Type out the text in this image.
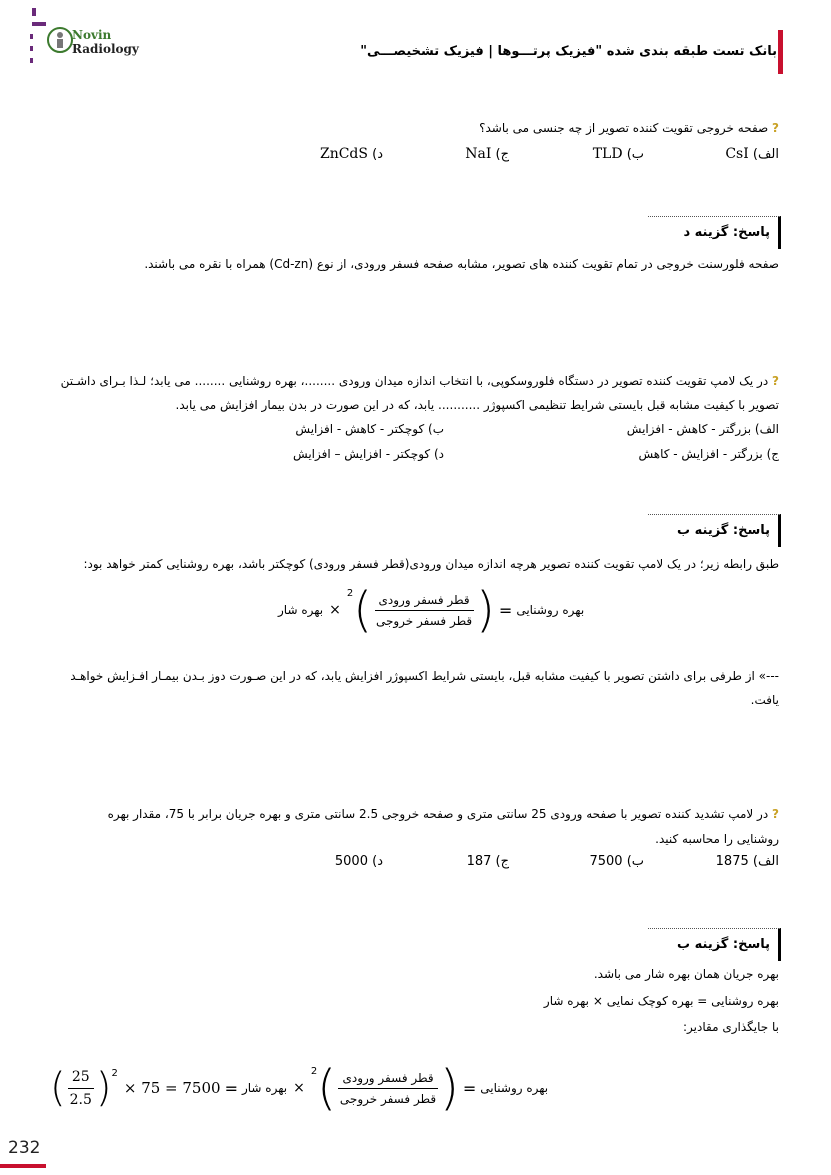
Novin
Radiology	بانک تست طبقه بندی شده "فیزیک پرتـــوها | فیزیک تشخیصـــی"
? صفحه خروجی تقویت کننده تصویر از چه جنسی می باشد؟
الف) CsI
ب) TLD
ج) NaI
د) ZnCdS
پاسخ: گزینه د
صفحه فلورسنت خروجی در تمام تقویت کننده های تصویر، مشابه صفحه فسفر ورودی، از نوع (Cd-zn) همراه با نقره می باشند.
? در یک لامپ تقویت کننده تصویر در دستگاه فلوروسکوپی، با انتخاب اندازه میدان ورودی ........، بهره روشنایی ........ می یابد؛ لـذا بـرای داشـتن
تصویر با کیفیت مشابه قبل بایستی شرایط تنظیمی اکسپوژر ........... یابد، که در این صورت در بدن بیمار افزایش می یابد.
الف) بزرگتر - کاهش - افزایش
ب) کوچکتر - کاهش - افزایش
ج) بزرگتر - افزایش - کاهش
د) کوچکتر - افزایش – افزایش
پاسخ: گزینه ب
طبق رابطه زیر؛ در یک لامپ تقویت کننده تصویر هرچه اندازه میدان ورودی(قطر فسفر ورودی) کوچکتر باشد، بهره روشنایی کمتر خواهد بود:
بهره روشنایی
=
(
$\frac{\text{قطر فسفر ورودی}}{\text{قطر فسفر خروجی}}$
)
2
×
بهره شار
---» از طرفی برای داشتن تصویر با کیفیت مشابه قبل، بایستی شرایط اکسپوژر افزایش یابد، که در این صـورت دوز بـدن بیمـار افـزایش خواهـد
یافت.
? در لامپ تشدید کننده تصویر با صفحه ورودی 25 سانتی متری و صفحه خروجی 2.5 سانتی متری و بهره جریان برابر با 75، مقدار بهره
روشنایی را محاسبه کنید.
الف) 1875
ب) 7500
ج) 187
د) 5000
پاسخ: گزینه ب
بهره جریان همان بهره شار می باشد.
بهره روشنایی = بهره کوچک نمایی × بهره شار
با جایگذاری مقادیر:
بهره روشنایی
=
(
$\frac{\text{قطر فسفر ورودی}}{\text{قطر فسفر خروجی}}$
)
2
×
بهره شار
=
( $\frac{25}{2.5}$ ) 2
× 75 = 7500
232
